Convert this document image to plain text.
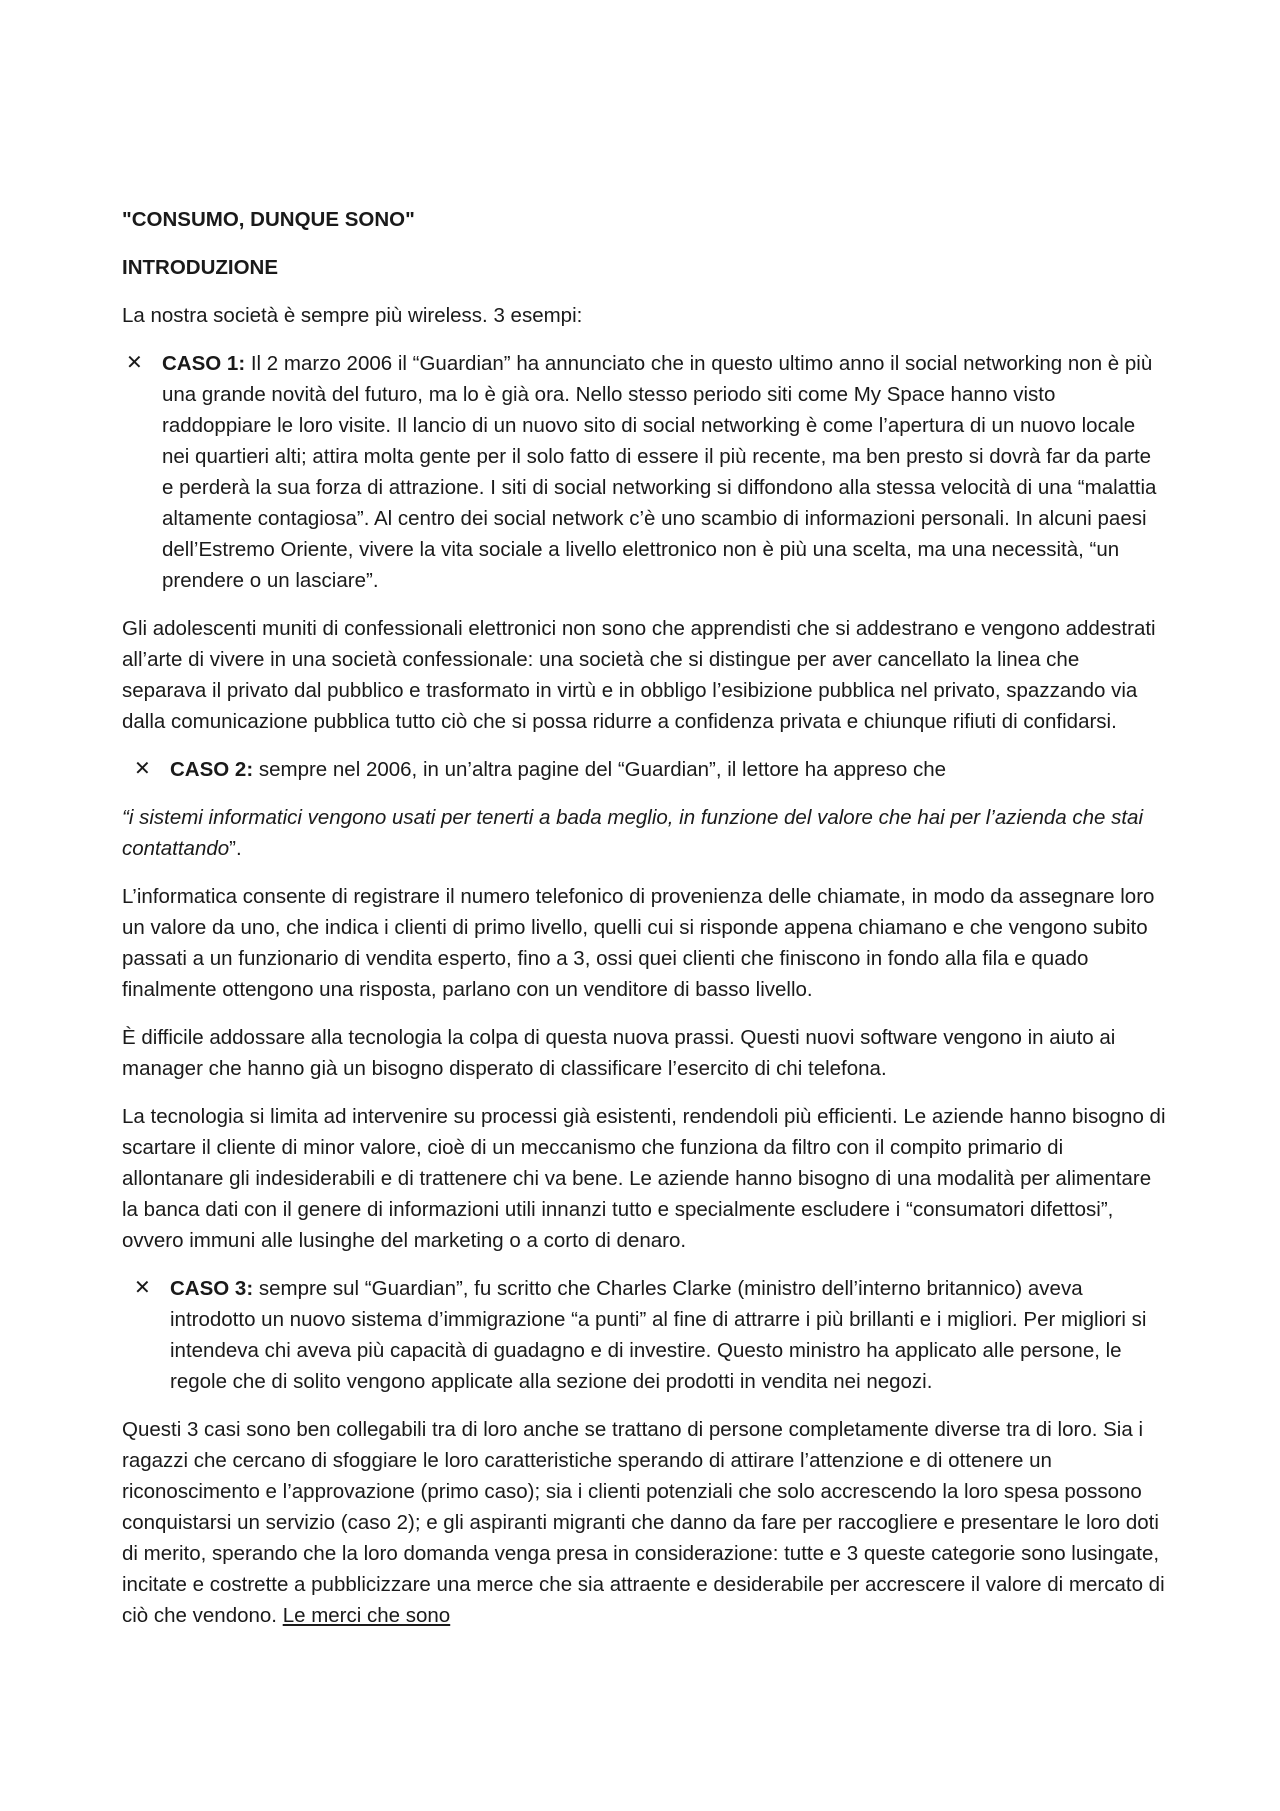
"CONSUMO, DUNQUE SONO"

INTRODUZIONE

La nostra società è sempre più wireless. 3 esempi:

✕ CASO 1: Il 2 marzo 2006 il “Guardian” ha annunciato che in questo ultimo anno il social networking non è più una grande novità del futuro, ma lo è già ora. Nello stesso periodo siti come My Space hanno visto raddoppiare le loro visite. Il lancio di un nuovo sito di social networking è come l’apertura di un nuovo locale nei quartieri alti; attira molta gente per il solo fatto di essere il più recente, ma ben presto si dovrà far da parte e perderà la sua forza di attrazione. I siti di social networking si diffondono alla stessa velocità di una “malattia altamente contagiosa”. Al centro dei social network c’è uno scambio di informazioni personali. In alcuni paesi dell’Estremo Oriente, vivere la vita sociale a livello elettronico non è più una scelta, ma una necessità, “un prendere o un lasciare”.

Gli adolescenti muniti di confessionali elettronici non sono che apprendisti che si addestrano e vengono addestrati all’arte di vivere in una società confessionale: una società che si distingue per aver cancellato la linea che separava il privato dal pubblico e trasformato in virtù e in obbligo l’esibizione pubblica nel privato, spazzando via dalla comunicazione pubblica tutto ciò che si possa ridurre a confidenza privata e chiunque rifiuti di confidarsi.

✕ CASO 2: sempre nel 2006, in un’altra pagine del “Guardian”, il lettore ha appreso che

“i sistemi informatici vengono usati per tenerti a bada meglio, in funzione del valore che hai per l’azienda che stai contattando”.

L’informatica consente di registrare il numero telefonico di provenienza delle chiamate, in modo da assegnare loro un valore da uno, che indica i clienti di primo livello, quelli cui si risponde appena chiamano e che vengono subito passati a un funzionario di vendita esperto, fino a 3, ossi quei clienti che finiscono in fondo alla fila e quado finalmente ottengono una risposta, parlano con un venditore di basso livello.

È difficile addossare alla tecnologia la colpa di questa nuova prassi. Questi nuovi software vengono in aiuto ai manager che hanno già un bisogno disperato di classificare l’esercito di chi telefona.

La tecnologia si limita ad intervenire su processi già esistenti, rendendoli più efficienti. Le aziende hanno bisogno di scartare il cliente di minor valore, cioè di un meccanismo che funziona da filtro con il compito primario di allontanare gli indesiderabili e di trattenere chi va bene. Le aziende hanno bisogno di una modalità per alimentare la banca dati con il genere di informazioni utili innanzi tutto e specialmente escludere i “consumatori difettosi”, ovvero immuni alle lusinghe del marketing o a corto di denaro.

✕ CASO 3: sempre sul “Guardian”, fu scritto che Charles Clarke (ministro dell’interno britannico) aveva introdotto un nuovo sistema d’immigrazione “a punti” al fine di attrarre i più brillanti e i migliori. Per migliori si intendeva chi aveva più capacità di guadagno e di investire. Questo ministro ha applicato alle persone, le regole che di solito vengono applicate alla sezione dei prodotti in vendita nei negozi.

Questi 3 casi sono ben collegabili tra di loro anche se trattano di persone completamente diverse tra di loro. Sia i ragazzi che cercano di sfoggiare le loro caratteristiche sperando di attirare l’attenzione e di ottenere un riconoscimento e l’approvazione (primo caso); sia i clienti potenziali che solo accrescendo la loro spesa possono conquistarsi un servizio (caso 2); e gli aspiranti migranti che danno da fare per raccogliere e presentare le loro doti di merito, sperando che la loro domanda venga presa in considerazione: tutte e 3 queste categorie sono lusingate, incitate e costrette a pubblicizzare una merce che sia attraente e desiderabile per accrescere il valore di mercato di ciò che vendono. Le merci che sono
